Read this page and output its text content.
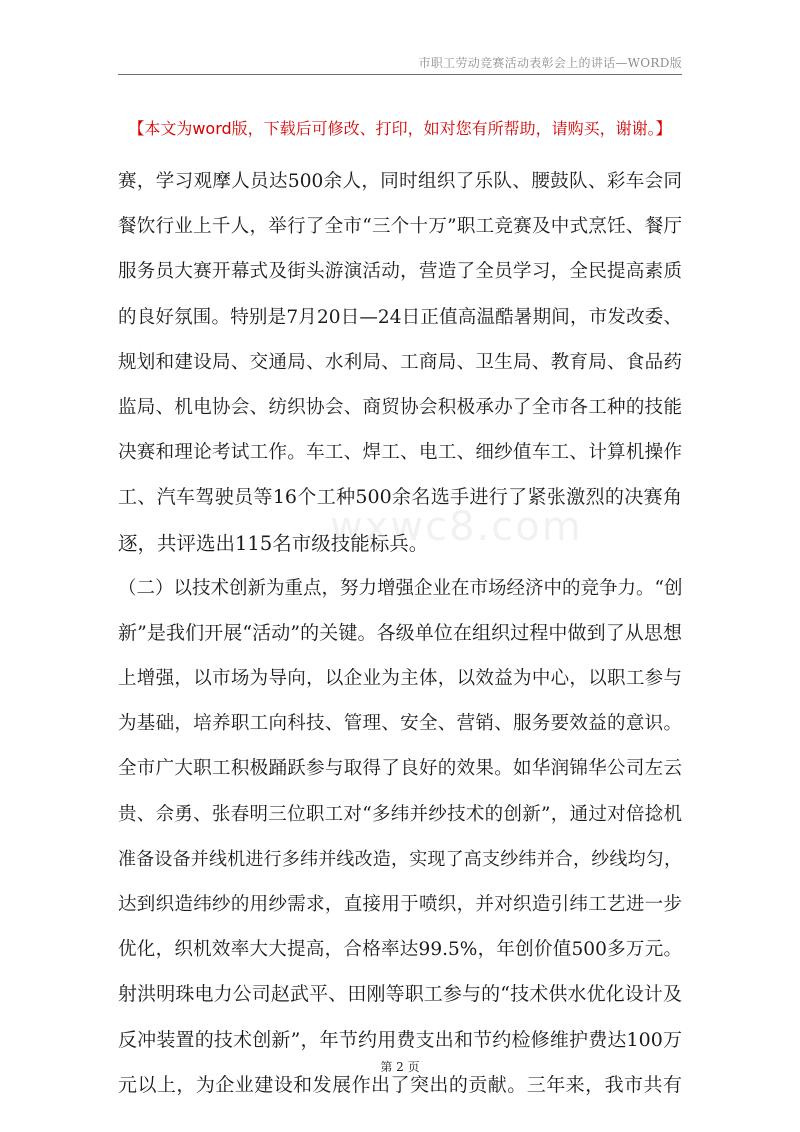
市职工劳动竞赛活动表彰会上的讲话—WORD版
【本文为word版，下载后可修改、打印，如对您有所帮助，请购买，谢谢。】
wxwc8.com
赛，学习观摩人员达500余人，同时组织了乐队、腰鼓队、彩车会同
餐饮行业上千人，举行了全市“三个十万”职工竞赛及中式烹饪、餐厅
服务员大赛开幕式及街头游演活动，营造了全员学习，全民提高素质
的良好氛围。特别是7月20日—24日正值高温酷暑期间，市发改委、
规划和建设局、交通局、水利局、工商局、卫生局、教育局、食品药
监局、机电协会、纺织协会、商贸协会积极承办了全市各工种的技能
决赛和理论考试工作。车工、焊工、电工、细纱值车工、计算机操作
工、汽车驾驶员等16个工种500余名选手进行了紧张激烈的决赛角
逐，共评选出115名市级技能标兵。
（二）以技术创新为重点，努力增强企业在市场经济中的竞争力。“创
新”是我们开展“活动”的关键。各级单位在组织过程中做到了从思想
上增强，以市场为导向，以企业为主体，以效益为中心，以职工参与
为基础，培养职工向科技、管理、安全、营销、服务要效益的意识。
全市广大职工积极踊跃参与取得了良好的效果。如华润锦华公司左云
贵、佘勇、张春明三位职工对“多纬并纱技术的创新”，通过对倍捻机
准备设备并线机进行多纬并线改造，实现了高支纱纬并合，纱线均匀，
达到织造纬纱的用纱需求，直接用于喷织，并对织造引纬工艺进一步
优化，织机效率大大提高，合格率达99.5%，年创价值500多万元。
射洪明珠电力公司赵武平、田刚等职工参与的“技术供水优化设计及
反冲装置的技术创新”，年节约用费支出和节约检修维护费达100万
元以上，为企业建设和发展作出了突出的贡献。三年来，我市共有
第 2 页
